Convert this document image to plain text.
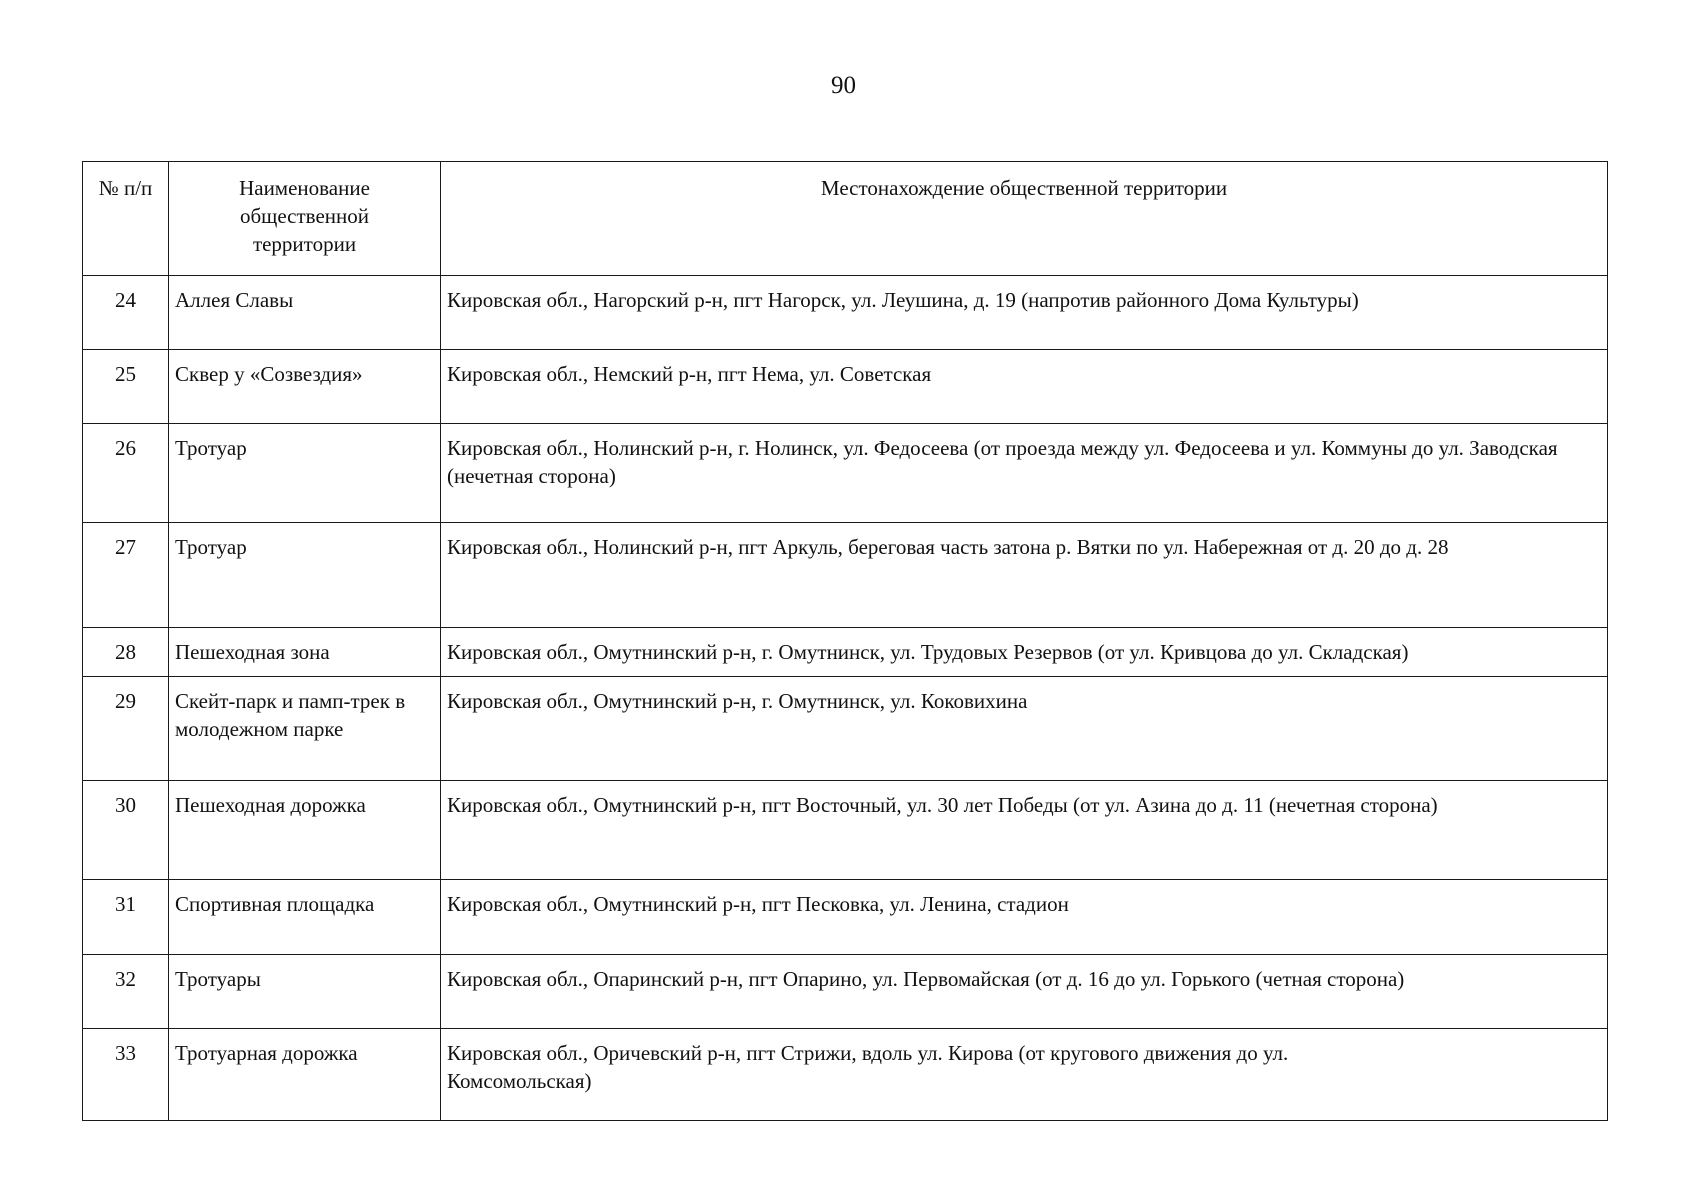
90
№ п/п	Наименование общественной территории	Местонахождение общественной территории
24	Аллея Славы	Кировская обл., Нагорский р-н, пгт Нагорск, ул. Леушина, д. 19 (напротив районного Дома Культуры)
25	Сквер у «Созвездия»	Кировская обл., Немский р-н, пгт Нема, ул. Советская
26	Тротуар	Кировская обл., Нолинский р-н, г. Нолинск, ул. Федосеева (от проезда между ул. Федосеева и ул. Коммуны до ул. Заводская (нечетная сторона)
27	Тротуар	Кировская обл., Нолинский р-н, пгт Аркуль, береговая часть затона р. Вятки по ул. Набережная от д. 20 до д. 28
28	Пешеходная зона	Кировская обл., Омутнинский р-н, г. Омутнинск, ул. Трудовых Резервов (от ул. Кривцова до ул. Складская)
29	Скейт-парк и памп-трек в молодежном парке	Кировская обл., Омутнинский р-н, г. Омутнинск, ул. Коковихина
30	Пешеходная дорожка	Кировская обл., Омутнинский р-н, пгт Восточный, ул. 30 лет Победы (от ул. Азина до д. 11 (нечетная сторона)
31	Спортивная площадка	Кировская обл., Омутнинский р-н, пгт Песковка, ул. Ленина, стадион
32	Тротуары	Кировская обл., Опаринский р-н, пгт Опарино, ул. Первомайская (от д. 16 до ул. Горького (четная сторона)
33	Тротуарная дорожка	Кировская обл., Оричевский р-н, пгт Стрижи, вдоль ул. Кирова (от кругового движения до ул. Комсомольская)
